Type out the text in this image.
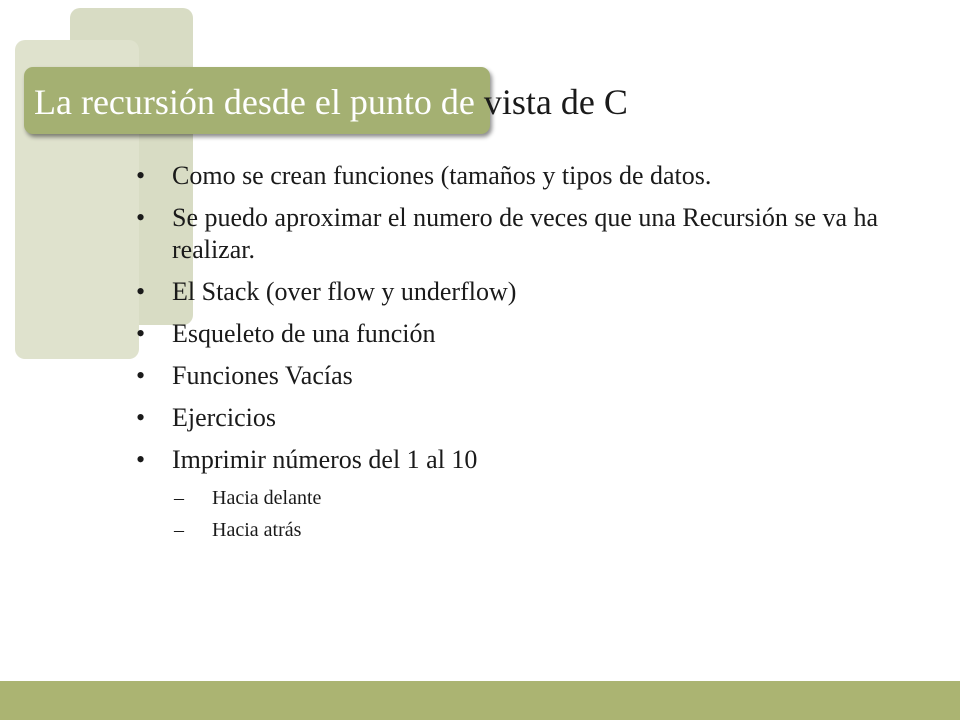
La recursión desde el punto de vista de C
• Como se crean funciones (tamaños y tipos de datos.
• Se puedo aproximar el numero de veces que una Recursión se va ha realizar.
• El Stack (over flow y underflow)
• Esqueleto de una función
• Funciones Vacías
• Ejercicios
• Imprimir números del 1 al 10
– Hacia delante
– Hacia atrás
